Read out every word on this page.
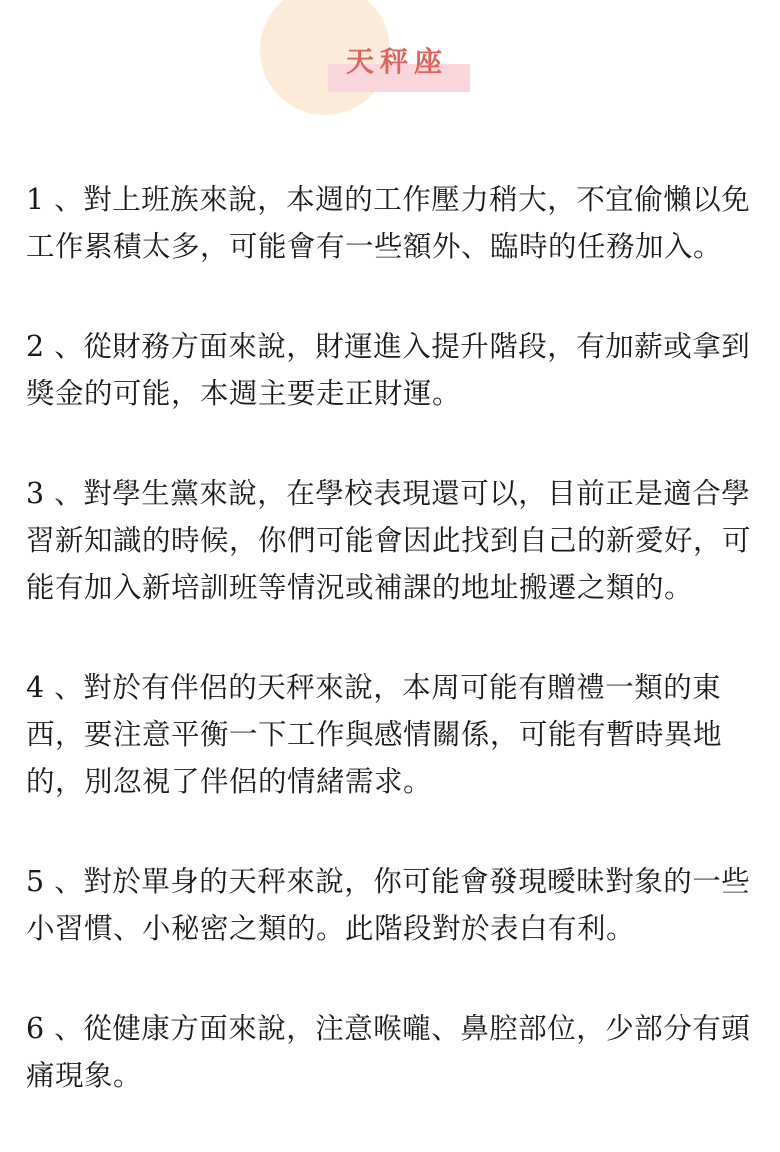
天秤座

1 、對上班族來說，本週的工作壓力稍大，不宜偷懶以免工作累積太多，可能會有一些額外、臨時的任務加入。

2 、從財務方面來說，財運進入提升階段，有加薪或拿到獎金的可能，本週主要走正財運。

3 、對學生黨來說，在學校表現還可以，目前正是適合學習新知識的時候，你們可能會因此找到自己的新愛好，可能有加入新培訓班等情況或補課的地址搬遷之類的。

4 、對於有伴侶的天秤來說，本周可能有贈禮一類的東西，要注意平衡一下工作與感情關係，可能有暫時異地的，別忽視了伴侶的情緒需求。

5 、對於單身的天秤來說，你可能會發現曖昧對象的一些小習慣、小秘密之類的。此階段對於表白有利。

6 、從健康方面來說，注意喉嚨、鼻腔部位，少部分有頭痛現象。
